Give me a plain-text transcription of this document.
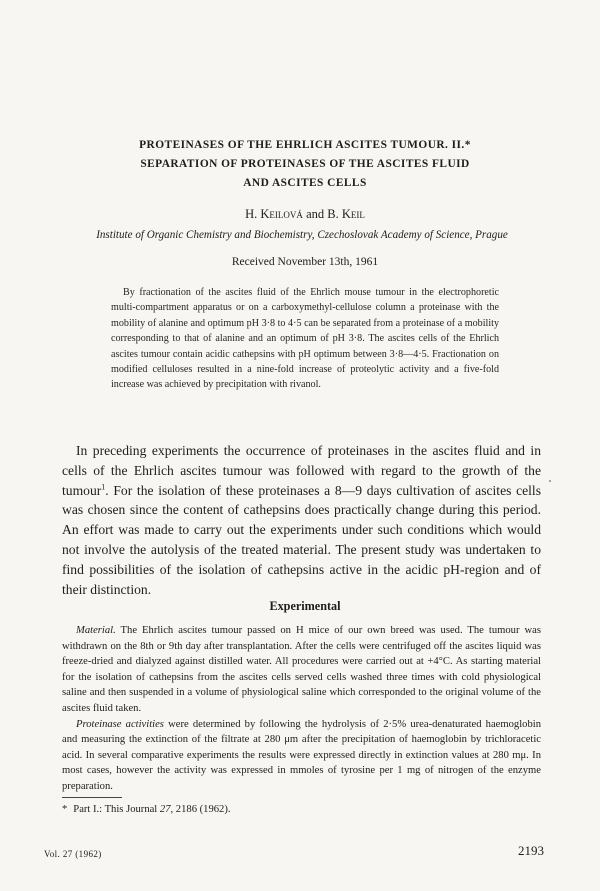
PROTEINASES OF THE EHRLICH ASCITES TUMOUR. II.*
SEPARATION OF PROTEINASES OF THE ASCITES FLUID
AND ASCITES CELLS
H. Keilová and B. Keil
Institute of Organic Chemistry and Biochemistry, Czechoslovak Academy of Science, Prague
Received November 13th, 1961

By fractionation of the ascites fluid of the Ehrlich mouse tumour in the electrophoretic multi-compartment apparatus or on a carboxymethyl-cellulose column a proteinase with the mobility of alanine and optimum pH 3·8 to 4·5 can be separated from a proteinase of a mobility corresponding to that of alanine and an optimum of pH 3·8. The ascites cells of the Ehrlich ascites tumour contain acidic cathepsins with pH optimum between 3·8—4·5. Fractionation on modified celluloses resulted in a nine-fold increase of proteolytic activity and a five-fold increase was achieved by precipitation with rivanol.

In preceding experiments the occurrence of proteinases in the ascites fluid and in cells of the Ehrlich ascites tumour was followed with regard to the growth of the tumour$^1$. For the isolation of these proteinases a 8—9 days cultivation of ascites cells was chosen since the content of cathepsins does practically change during this period. An effort was made to carry out the experiments under such conditions which would not involve the autolysis of the treated material. The present study was undertaken to find possibilities of the isolation of cathepsins active in the acidic pH-region and of their distinction.

Experimental

Material. The Ehrlich ascites tumour passed on H mice of our own breed was used. The tumour was withdrawn on the 8th or 9th day after transplantation. After the cells were centrifuged off the ascites liquid was freeze-dried and dialyzed against distilled water. All procedures were carried out at +4°C. As starting material for the isolation of cathepsins from the ascites cells served cells washed three times with cold physiological saline and then suspended in a volume of physiological saline which corresponded to the original volume of the ascites fluid taken.

Proteinase activities were determined by following the hydrolysis of 2·5% urea-denaturated haemoglobin and measuring the extinction of the filtrate at 280 μm after the precipitation of haemoglobin by trichloracetic acid. In several comparative experiments the results were expressed directly in extinction values at 280 mμ. In most cases, however the activity was expressed in mmoles of tyrosine per 1 mg of nitrogen of the enzyme preparation.

* Part I.: This Journal 27, 2186 (1962).
Vol. 27 (1962)	2193
